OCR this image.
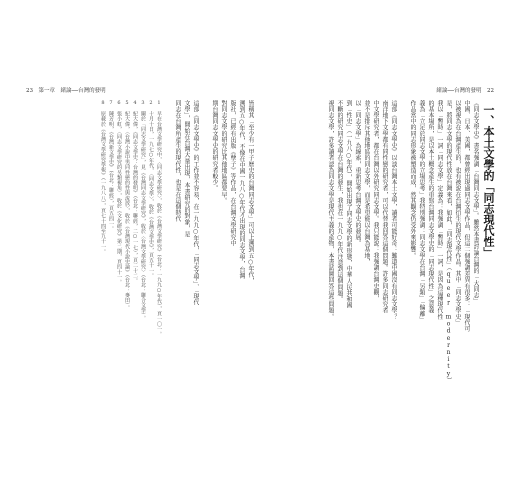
23　第一章　緒論──台灣的發明	緒論──台灣的發明　22
一、本土文學的「同志現代性」
《同志文學史》書名強調「台灣同志文學」。雖然本書討論台灣的「大同志」
中國、日本、美國，都曾經出現過同志文學作品，但這二個強調差異有很多：「現代可
以被視為在台灣產生的，也有被說在台灣衍生的現代文學作品。其中「同志文學史」
是，將同志文學的現代性放在台灣來看，如此，「同志現代性」（queer modernity）
我以「暫時」一詞「同志文學」定義為：我強調「暫時」一詞，是因為這種現代性
的基本場所，是以本土概念產生的重寫台灣同志文學史的「同志現代性」之意義
義為「立足於同志文學的立場思考」我特別強調：同志文學在台灣「另類」「偏離」
作品當中的同志形象被塑造而成，然其觀念仍受外來影響。
這部《同志文學史》以談台灣本土文學，讀者可能好奇：難道中國沒有同志文學？
南洋地下文學都有同性戀的研究者，可以代替我回答這個問題。許多同志研究者
中文學研究者，都在台灣以外研究同志文學。我只能說：我強調台灣史觀，
並不是排斥其他地區的同志文學，而是希望能以台灣為基地，
以「同志文學」為線索，重新思考台灣文學史的發展。
到「性史」（一九八○年代），開始出現了同志文學的新形態，中華人民共和國
不斷的研究同志文學在台灣的發生，我也在一九九○年代注意到這個問題。
視同志文學，許多讀者認為同志文學是現代主義的產物，本書試圖回答這些問題。
皆稱其「至少有一甲子歷史的台灣同志文學」可以上溯到五○年代，
溯到五○年代，不像在中國一九八○年代才出現的同志文學，台灣
版社，已經有出版《孽子》等作品，在台灣文學研究中
對同志文學的研究比其他地區都要早。
期台灣同志文學史的研究者較少。
這部《同志文學史》的工作並不容易，在一九九○年代，「同志文學」、「現代
文學」，開始在台灣大量出現，本書研究的對象，是
同志在台灣所產生的現代性，也是在這個時代
1　早在台灣文學研究中，〈同志文學研究〉，收於《台灣文學研究》（台北：一九九○年代），頁一〇一。
2　十月十日，一九七○年代，〈同志文學〉，收於《台灣文學史》，頁五十一。
3　關於「同志文學研究」，見《台灣同志文學研究》，收於〈台灣文學研究〉（台北：聯合文學）。
4　紀大偉，《同志文學史：台灣的發明》（台北：聯經，二○一七），頁二十二。
5　紀大偉，〈台灣小說中男同性戀的性與流放〉，收於《台灣現代小說史論》（台北：麥田）。
6　張小虹，〈同志文學研究的另類視角〉，收於《文化研究》第二期，頁四十一。
7　陳芳明，《台灣新文學史》（台北：聯經），頁五四一。
8　原載於《台灣文學研究學報》（一九八八），頁七十四至九十一。
